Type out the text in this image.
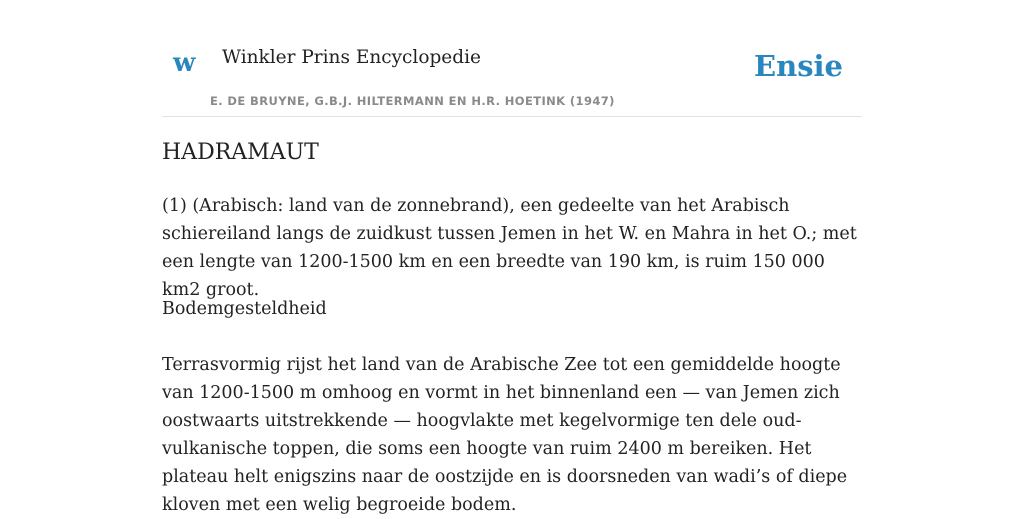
w Winkler Prins Encyclopedie
E. DE BRUYNE, G.B.J. HILTERMANN EN H.R. HOETINK (1947)
Ensie
HADRAMAUT

(1) (Arabisch: land van de zonnebrand), een gedeelte van het Arabisch schiereiland langs de zuidkust tussen Jemen in het W. en Mahra in het O.; met een lengte van 1200-1500 km en een breedte van 190 km, is ruim 150 000 km2 groot.

Bodemgesteldheid

Terrasvormig rijst het land van de Arabische Zee tot een gemiddelde hoogte van 1200-1500 m omhoog en vormt in het binnenland een — van Jemen zich oostwaarts uitstrekkende — hoogvlakte met kegelvormige ten dele oud-vulkanische toppen, die soms een hoogte van ruim 2400 m bereiken. Het plateau helt enigszins naar de oostzijde en is doorsneden van wadi’s of diepe kloven met een welig begroeide bodem.
